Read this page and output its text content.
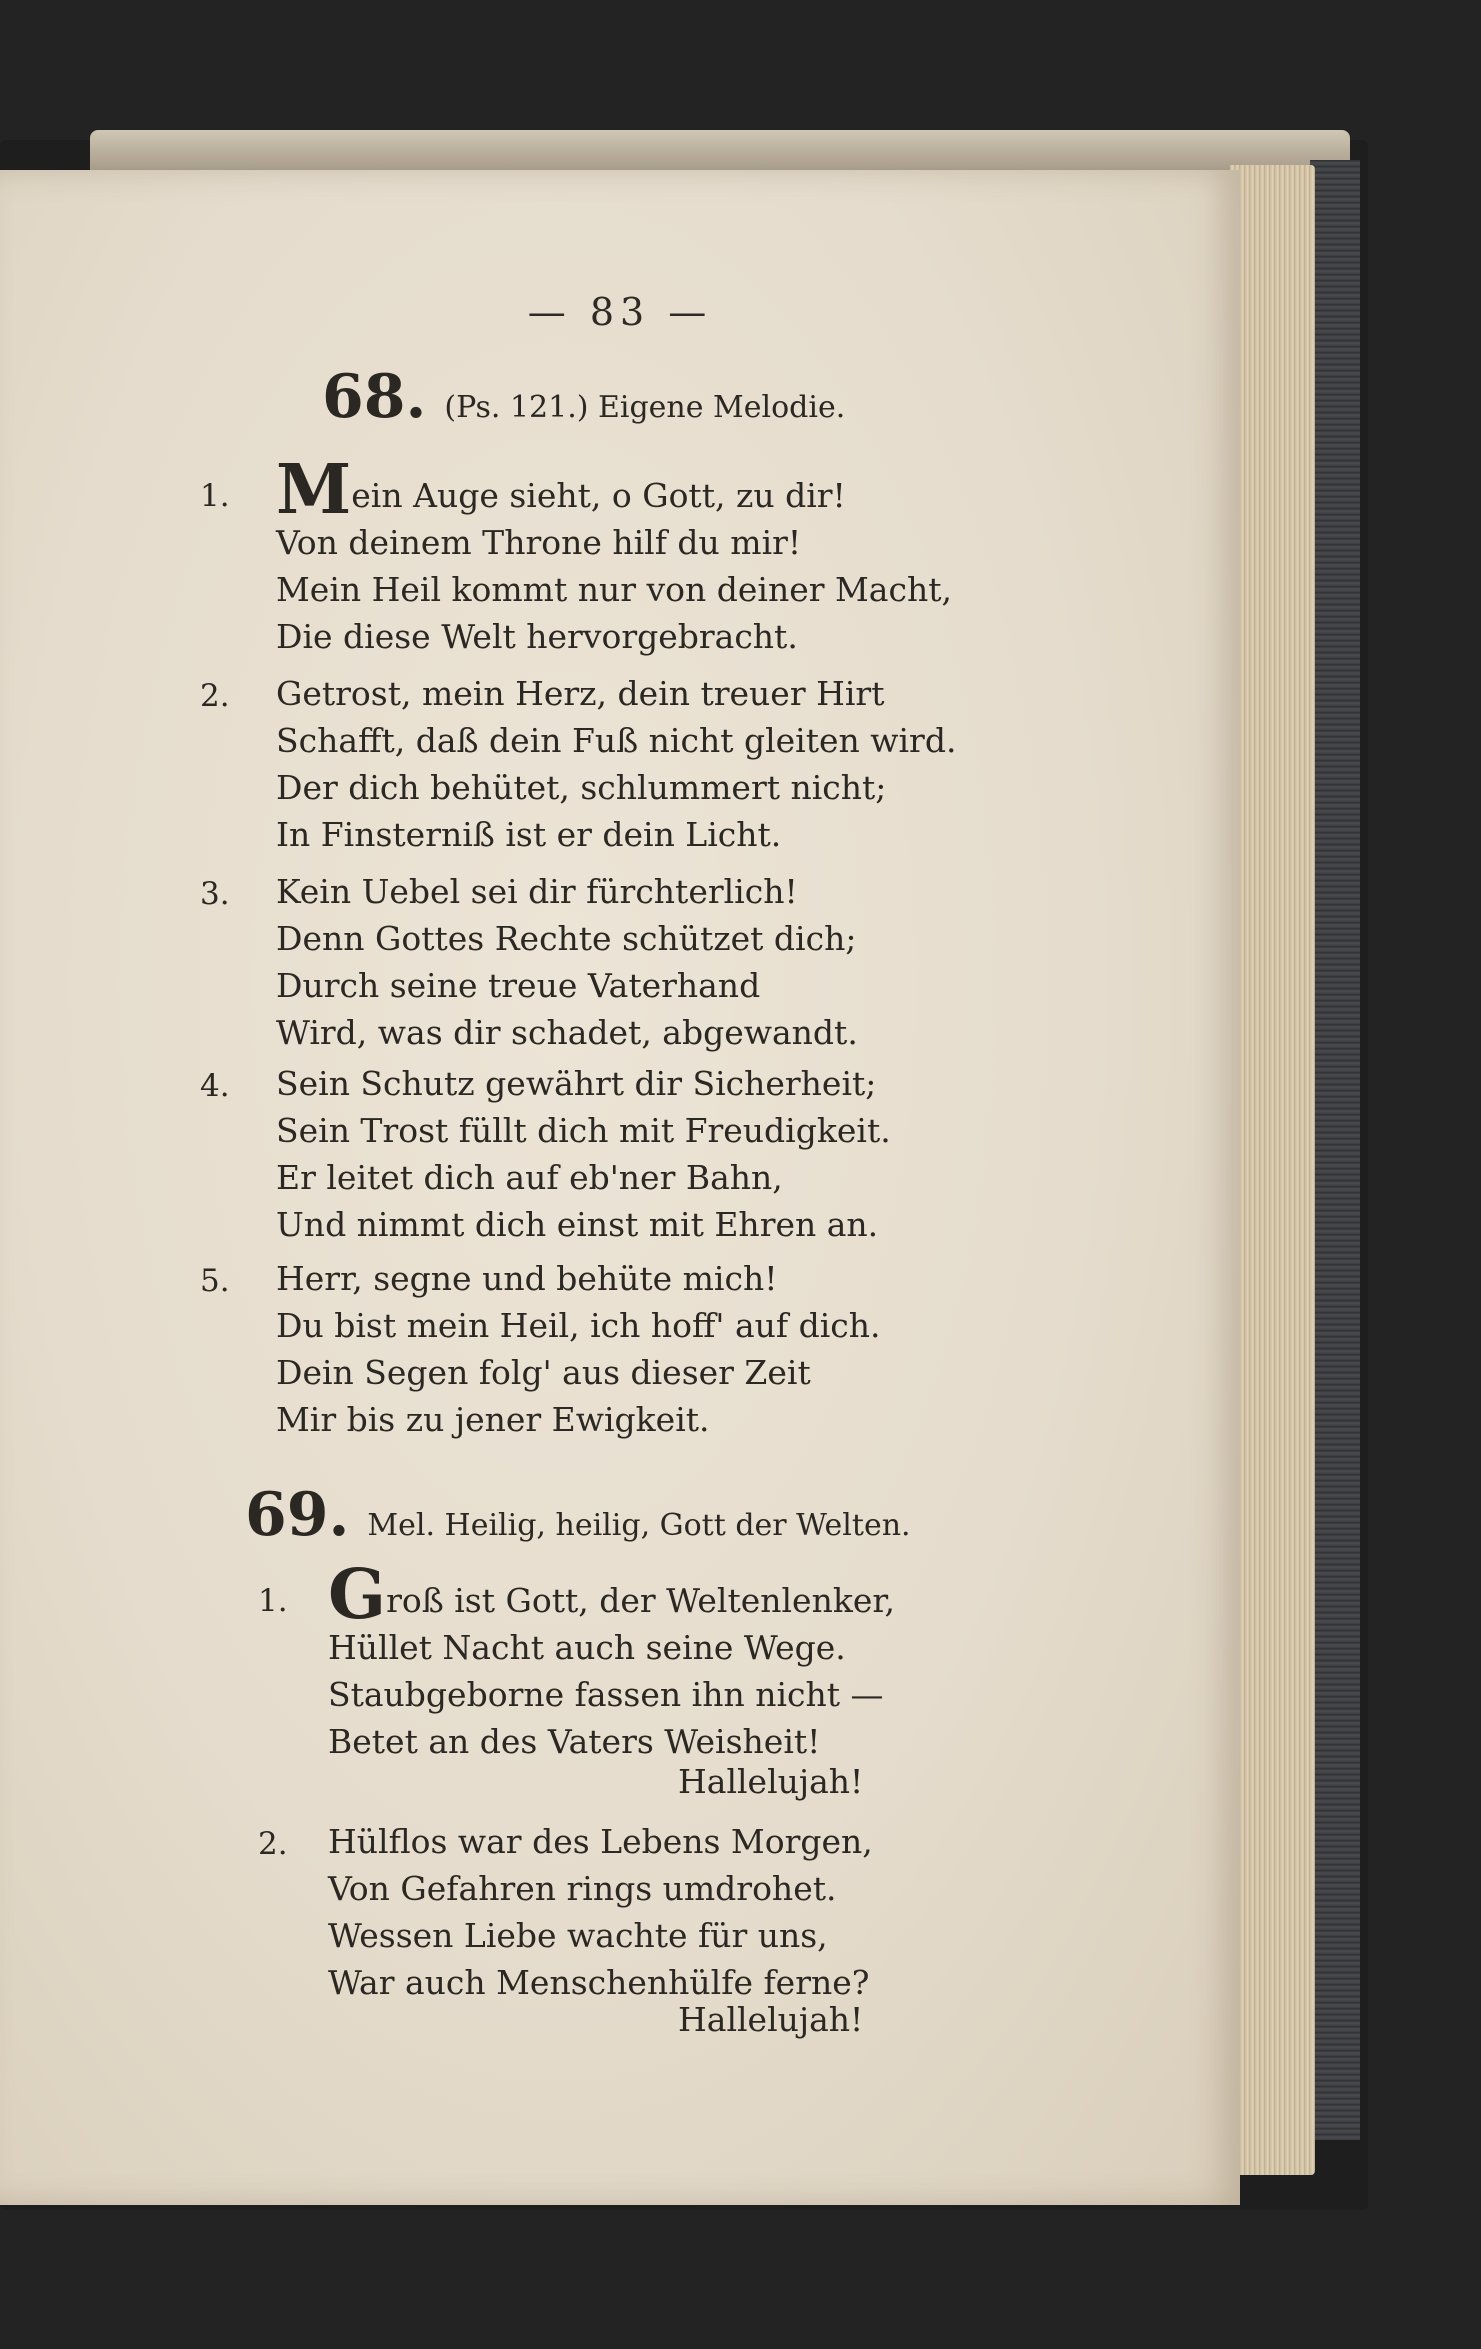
— 83 —
68. (Ps. 121.) Eigene Melodie.
1. Mein Auge sieht, o Gott, zu dir!
Von deinem Throne hilf du mir!
Mein Heil kommt nur von deiner Macht,
Die diese Welt hervorgebracht.
2.	Getrost, mein Herz, dein treuer Hirt
Schafft, daß dein Fuß nicht gleiten wird.
Der dich behütet, schlummert nicht;
In Finsterniß ist er dein Licht.
3.	Kein Uebel sei dir fürchterlich!
Denn Gottes Rechte schützet dich;
Durch seine treue Vaterhand
Wird, was dir schadet, abgewandt.
4.	Sein Schutz gewährt dir Sicherheit;
Sein Trost füllt dich mit Freudigkeit.
Er leitet dich auf eb'ner Bahn,
Und nimmt dich einst mit Ehren an.
5.	Herr, segne und behüte mich!
Du bist mein Heil, ich hoff' auf dich.
Dein Segen folg' aus dieser Zeit
Mir bis zu jener Ewigkeit.
69. Mel. Heilig, heilig, Gott der Welten.
1. Groß ist Gott, der Weltenlenker,
Hüllet Nacht auch seine Wege.
Staubgeborne fassen ihn nicht —
Betet an des Vaters Weisheit!
Hallelujah!
2.	Hülflos war des Lebens Morgen,
Von Gefahren rings umdrohet.
Wessen Liebe wachte für uns,
War auch Menschenhülfe ferne?
Hallelujah!
